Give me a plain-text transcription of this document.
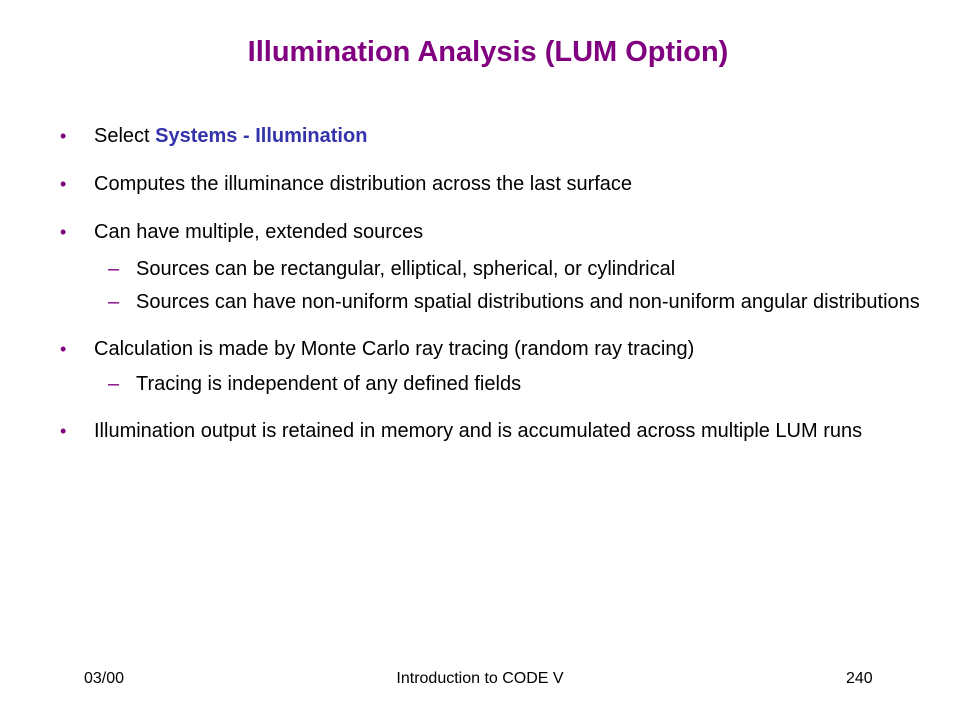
Illumination Analysis (LUM Option)
• Select Systems - Illumination
• Computes the illuminance distribution across the last surface
• Can have multiple, extended sources
– Sources can be rectangular, elliptical, spherical, or cylindrical
– Sources can have non-uniform spatial distributions and non-uniform angular distributions
• Calculation is made by Monte Carlo ray tracing (random ray tracing)
– Tracing is independent of any defined fields
• Illumination output is retained in memory and is accumulated across multiple LUM runs
03/00	Introduction to CODE V	240
